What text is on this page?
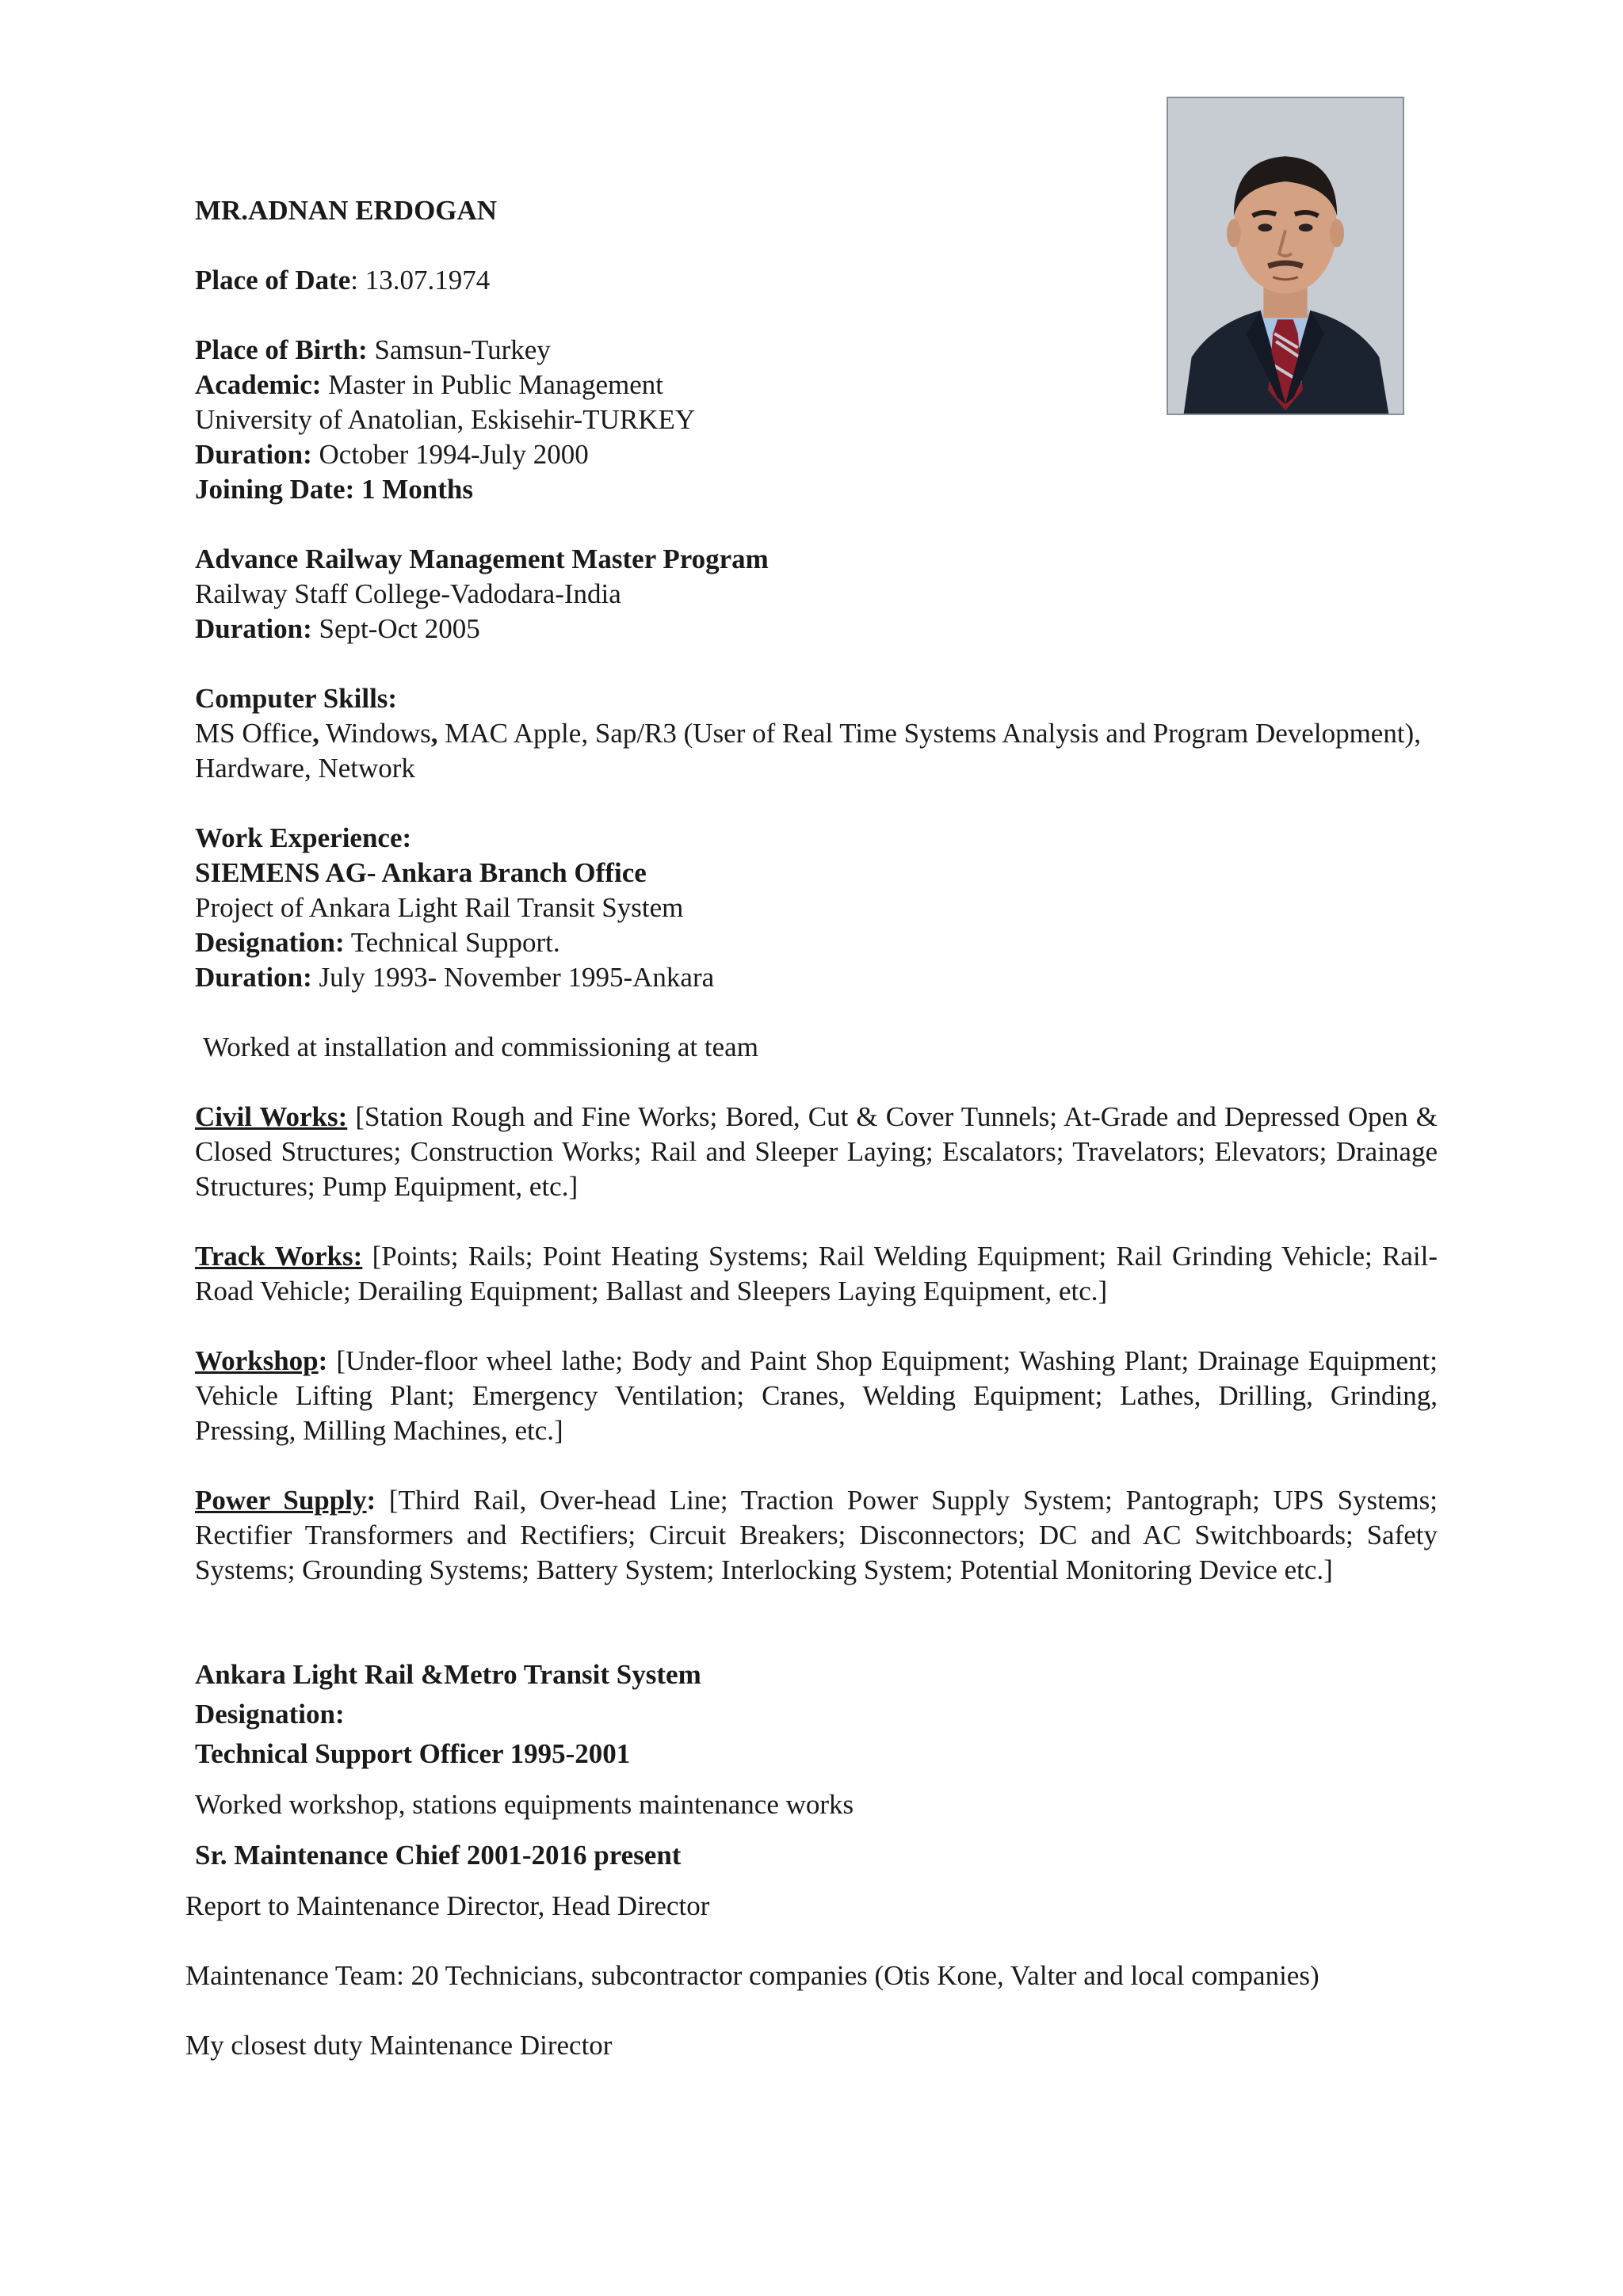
MR.ADNAN ERDOGAN

Place of Date: 13.07.1974

Place of Birth: Samsun-Turkey
Academic: Master in Public Management
University of Anatolian, Eskisehir-TURKEY
Duration: October 1994-July 2000
Joining Date: 1 Months
Advance Railway Management Master Program
Railway Staff College-Vadodara-India
Duration: Sept-Oct 2005
Computer Skills:
MS Office, Windows, MAC Apple, Sap/R3 (User of Real Time Systems Analysis and Program Development), Hardware, Network
Work Experience:
SIEMENS AG- Ankara Branch Office
Project of Ankara Light Rail Transit System
Designation: Technical Support.
Duration: July 1993- November 1995-Ankara

Worked at installation and commissioning at team

Civil Works: [Station Rough and Fine Works; Bored, Cut & Cover Tunnels; At-Grade and Depressed Open & Closed Structures; Construction Works; Rail and Sleeper Laying; Escalators; Travelators; Elevators; Drainage Structures; Pump Equipment, etc.]

Track Works: [Points; Rails; Point Heating Systems; Rail Welding Equipment; Rail Grinding Vehicle; Rail-Road Vehicle; Derailing Equipment; Ballast and Sleepers Laying Equipment, etc.]

Workshop: [Under-floor wheel lathe; Body and Paint Shop Equipment; Washing Plant; Drainage Equipment; Vehicle Lifting Plant; Emergency Ventilation; Cranes, Welding Equipment; Lathes, Drilling, Grinding, Pressing, Milling Machines, etc.]

Power Supply: [Third Rail, Over-head Line; Traction Power Supply System; Pantograph; UPS Systems; Rectifier Transformers and Rectifiers; Circuit Breakers; Disconnectors; DC and AC Switchboards; Safety Systems; Grounding Systems; Battery System; Interlocking System; Potential Monitoring Device etc.]

Ankara Light Rail &Metro Transit System

Designation:

Technical Support Officer 1995-2001

Worked workshop, stations equipments maintenance works

Sr. Maintenance Chief 2001-2016 present

Report to Maintenance Director, Head Director

Maintenance Team: 20 Technicians, subcontractor companies (Otis Kone, Valter and local companies)

My closest duty Maintenance Director
